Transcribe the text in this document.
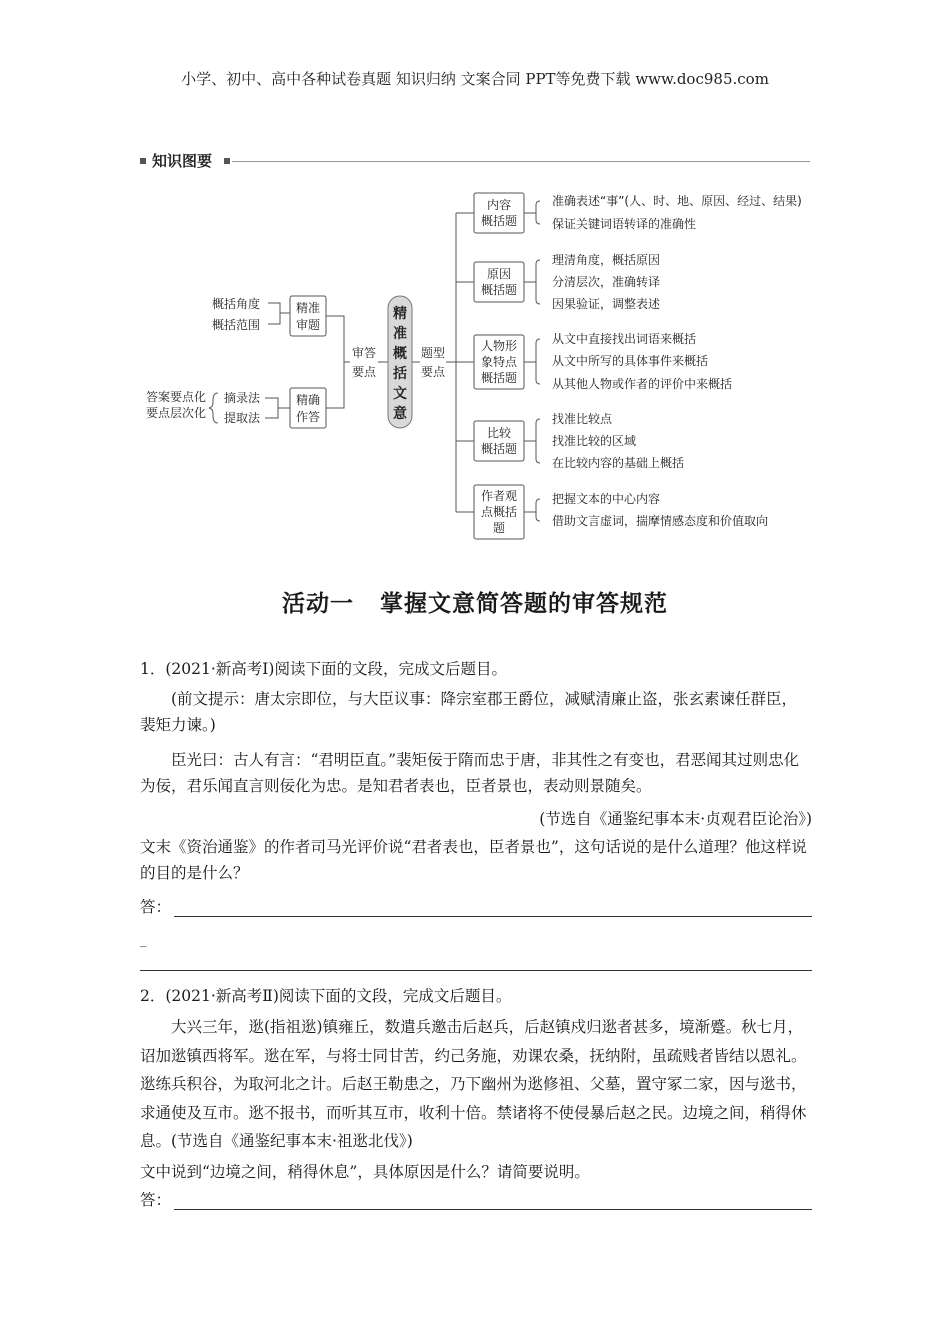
小学、初中、高中各种试卷真题 知识归纳 文案合同 PPT等免费下载 www.doc985.com
知识图要
精准
审题
精确
作答
概括角度
概括范围
摘录法
提取法
答案要点化
要点层次化
审答
要点
题型
要点
精
准
概
括
文
意
内容
概括题
准确表述“事”(人、时、地、原因、经过、结果)
保证关键词语转译的准确性
原因
概括题
理清角度，概括原因
分清层次，准确转译
因果验证，调整表述
人物形
象特点
概括题
从文中直接找出词语来概括
从文中所写的具体事件来概括
从其他人物或作者的评价中来概括
比较
概括题
找准比较点
找准比较的区域
在比较内容的基础上概括
作者观
点概括
题
把握文本的中心内容
借助文言虚词，揣摩情感态度和价值取向
活动一 掌握文意简答题的审答规范
1．(2021·新高考Ⅰ)阅读下面的文段，完成文后题目。
(前文提示：唐太宗即位，与大臣议事：降宗室郡王爵位，减赋清廉止盗，张玄素谏任群臣，裴矩力谏。)
臣光曰：古人有言：“君明臣直。”裴矩佞于隋而忠于唐，非其性之有变也，君恶闻其过则忠化为佞，君乐闻直言则佞化为忠。是知君者表也，臣者景也，表动则景随矣。
(节选自《通鉴纪事本末·贞观君臣论治》)
文末《资治通鉴》的作者司马光评价说“君者表也，臣者景也”，这句话说的是什么道理？他这样说的目的是什么？
答：
_
2．(2021·新高考Ⅱ)阅读下面的文段，完成文后题目。
大兴三年，逖(指祖逖)镇雍丘，数遣兵邀击后赵兵，后赵镇戍归逖者甚多，境渐蹙。秋七月，诏加逖镇西将军。逖在军，与将士同甘苦，约己务施，劝课农桑，抚纳附，虽疏贱者皆结以恩礼。逖练兵积谷，为取河北之计。后赵王勒患之，乃下幽州为逖修祖、父墓，置守冢二家，因与逖书，求通使及互市。逖不报书，而听其互市，收利十倍。禁诸将不使侵暴后赵之民。边境之间，稍得休息。(节选自《通鉴纪事本末·祖逖北伐》)
文中说到“边境之间，稍得休息”，具体原因是什么？请简要说明。
答：
